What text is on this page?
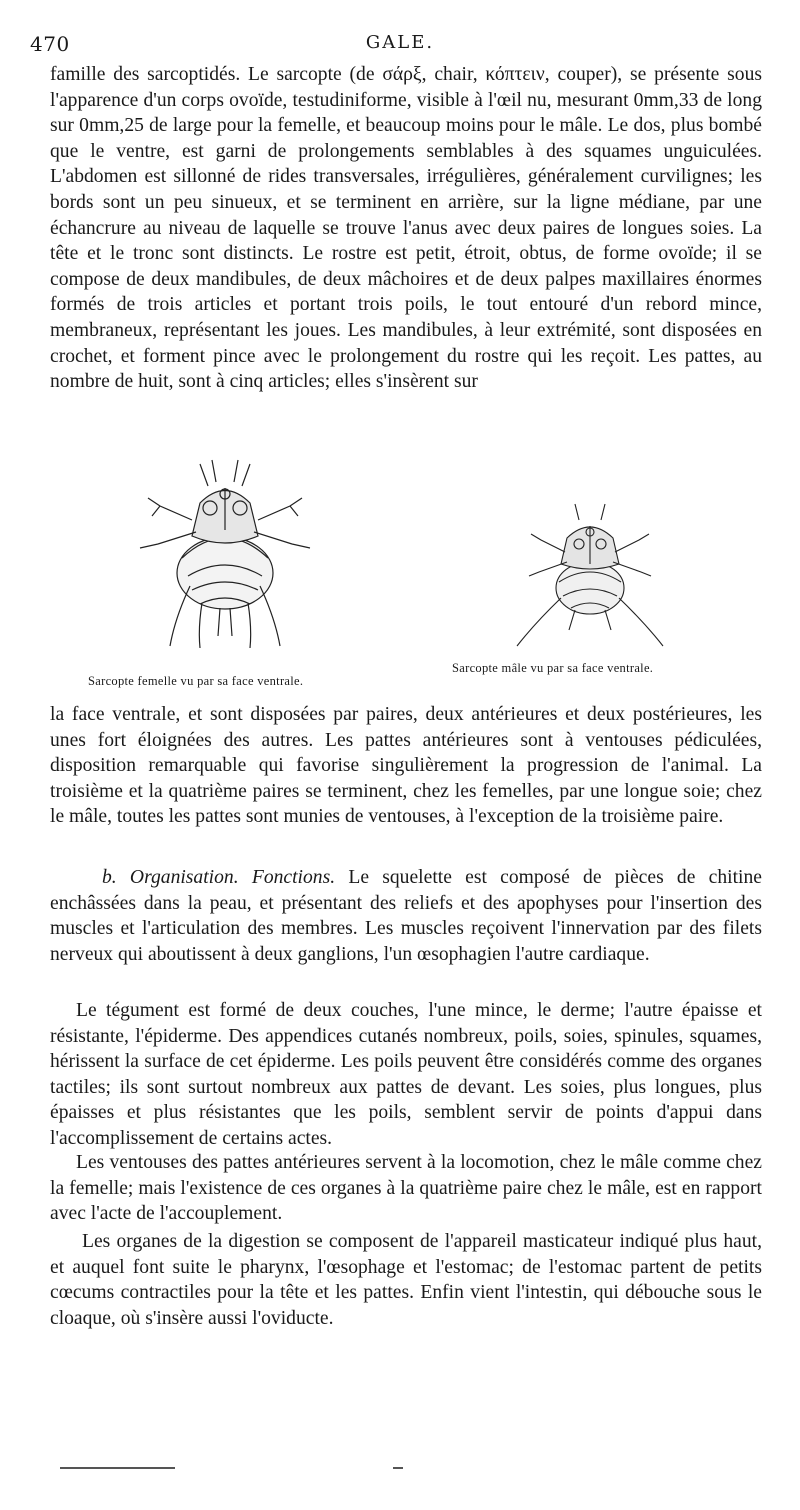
470	GALE.

famille des sarcoptidés. Le sarcopte (de σάρξ, chair, κόπτειν, couper), se présente sous l'apparence d'un corps ovoïde, testudiniforme, visible à l'œil nu, mesurant 0mm,33 de long sur 0mm,25 de large pour la femelle, et beaucoup moins pour le mâle. Le dos, plus bombé que le ventre, est garni de prolongements semblables à des squames unguiculées. L'abdomen est sillonné de rides transversales, irrégulières, généralement curvilignes; les bords sont un peu sinueux, et se terminent en arrière, sur la ligne médiane, par une échancrure au niveau de laquelle se trouve l'anus avec deux paires de longues soies. La tête et le tronc sont distincts. Le rostre est petit, étroit, obtus, de forme ovoïde; il se compose de deux mandibules, de deux mâchoires et de deux palpes maxillaires énormes formés de trois articles et portant trois poils, le tout entouré d'un rebord mince, membraneux, représentant les joues. Les mandibules, à leur extrémité, sont disposées en crochet, et forment pince avec le prolongement du rostre qui les reçoit. Les pattes, au nombre de huit, sont à cinq articles; elles s'insèrent sur

Sarcopte femelle vu par sa face ventrale.
Sarcopte mâle vu par sa face ventrale.

la face ventrale, et sont disposées par paires, deux antérieures et deux postérieures, les unes fort éloignées des autres. Les pattes antérieures sont à ventouses pédiculées, disposition remarquable qui favorise singulièrement la progression de l'animal. La troisième et la quatrième paires se terminent, chez les femelles, par une longue soie; chez le mâle, toutes les pattes sont munies de ventouses, à l'exception de la troisième paire.

b. Organisation. Fonctions. Le squelette est composé de pièces de chitine enchâssées dans la peau, et présentant des reliefs et des apophyses pour l'insertion des muscles et l'articulation des membres. Les muscles reçoivent l'innervation par des filets nerveux qui aboutissent à deux ganglions, l'un œsophagien l'autre cardiaque.

Le tégument est formé de deux couches, l'une mince, le derme; l'autre épaisse et résistante, l'épiderme. Des appendices cutanés nombreux, poils, soies, spinules, squames, hérissent la surface de cet épiderme. Les poils peuvent être considérés comme des organes tactiles; ils sont surtout nombreux aux pattes de devant. Les soies, plus longues, plus épaisses et plus résistantes que les poils, semblent servir de points d'appui dans l'accomplissement de certains actes.

Les ventouses des pattes antérieures servent à la locomotion, chez le mâle comme chez la femelle; mais l'existence de ces organes à la quatrième paire chez le mâle, est en rapport avec l'acte de l'accouplement.

Les organes de la digestion se composent de l'appareil masticateur indiqué plus haut, et auquel font suite le pharynx, l'œsophage et l'estomac; de l'estomac partent de petits cœcums contractiles pour la tête et les pattes. Enfin vient l'intestin, qui débouche sous le cloaque, où s'insère aussi l'oviducte.
